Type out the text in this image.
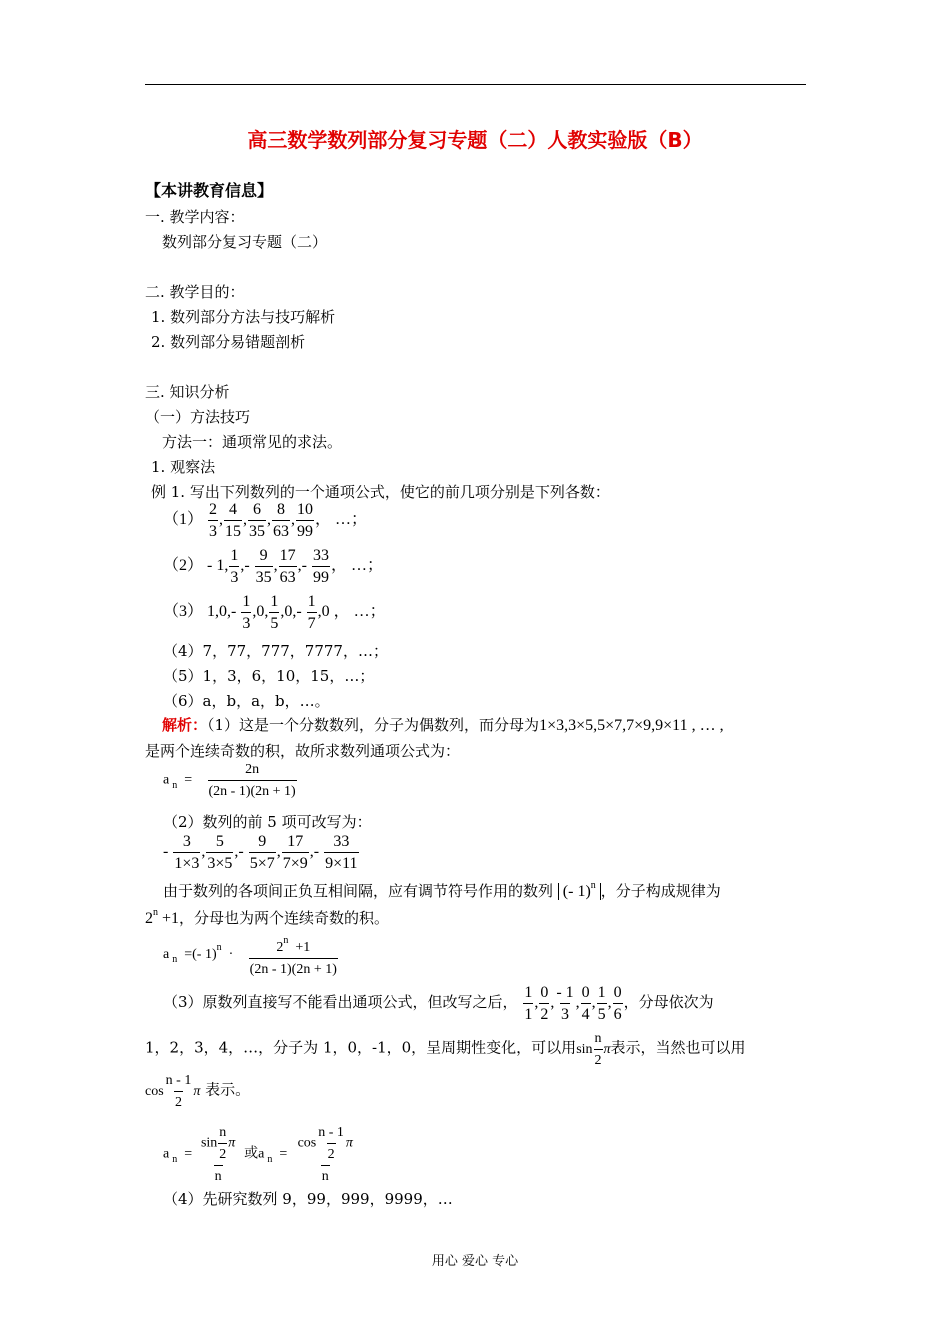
高三数学数列部分复习专题（二）人教实验版（B）
【本讲教育信息】
一. 教学内容：
数列部分复习专题（二）
二. 教学目的：
1. 数列部分方法与技巧解析
2. 数列部分易错题剖析
三. 知识分析
（一）方法技巧
方法一：通项常见的求法。
1. 观察法
例 1. 写出下列数列的一个通项公式，使它的前几项分别是下列各数：
$(1) \frac{2}{3}$ , $\frac{4}{15}$ , $\frac{6}{35}$ , $\frac{8}{63}$ , $\frac{10}{99}$ ， …；
（2） - 1, $\frac{1}{3}$ ,- $\frac{9}{35}$ , $\frac{17}{63}$ ,- $\frac{33}{99}$ ， …；
（3） $1,0,- \frac{1}{3} ,0$, $\frac{1}{5} ,0,- \frac{1}{7} ,0$ ， …；
（4）7，77，777，7777，…；
（5）1，3，6，10，15，…；
（6）a，b，a，b，…。
解析：（1）这是一个分数数列，分子为偶数列，而分母为1×3,3×5,5×7,7×9,9×11 , … ,
是两个连续奇数的积，故所求数列通项公式为：
a $_n = \frac{2n}{(2n - 1)(2n + 1)}$
（2）数列的前 5 项可改写为：
- $\frac{3}{1\times 3}$ , $\frac{5}{3\times 5}$ ,- $\frac{9}{5\times 7}$ , $\frac{17}{7\times 9}$ ,- $\frac{33}{9\times 11}$
由于数列的各项间正负互相间隔，应有调节符号作用的数列 (- 1)$^n$ ，分子构成规律为
$2^n +1$，分母也为两个连续奇数的积。
a $_n$  =(- $1)^n \cdot \frac{2^n +1}{(2n - 1)(2n + 1)}$
（3）原数列直接写不能看出通项公式，但改写之后， $\frac{1}{1}$ , $\frac{0}{2}$ , $\frac{- 1}{3}$ , $\frac{0}{4}$ , $\frac{1}{5}$ , $\frac{0}{6}$ ，分母依次为
1，2，3，4，…，分子为 1，0，-1，0，呈周期性变化，可以用$\sin \frac{n}{2}$ π表示，当然也可以用
$\cos \frac{n - 1}{2}$ π 表示。
a $_n = \frac{\sin \frac{n}{2} \pi}{n}$ 或a $_n = \frac{\cos \frac{n - 1}{2} \pi}{n}$
（4）先研究数列 9，99，999，9999，…
用心 爱心 专心
